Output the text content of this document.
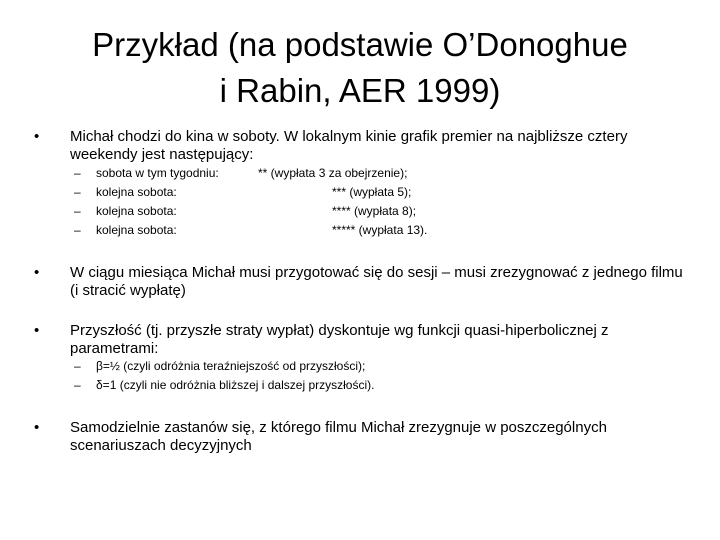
Przykład (na podstawie O’Donoghue
i Rabin, AER 1999)
•	Michał chodzi do kina w soboty. W lokalnym kinie grafik premier na najbliższe cztery weekendy jest następujący:
– sobota w tym tygodniu:	** (wypłata 3 za obejrzenie);
– kolejna sobota:	*** (wypłata 5);
– kolejna sobota:	**** (wypłata 8);
– kolejna sobota:	***** (wypłata 13).
•	W ciągu miesiąca Michał musi przygotować się do sesji – musi zrezygnować z jednego filmu (i stracić wypłatę)
•	Przyszłość (tj. przyszłe straty wypłat) dyskontuje wg funkcji quasi-hiperbolicznej z parametrami:
– β=½ (czyli odróżnia teraźniejszość od przyszłości);
– δ=1 (czyli nie odróżnia bliższej i dalszej przyszłości).
•	Samodzielnie zastanów się, z którego filmu Michał zrezygnuje w poszczególnych scenariuszach decyzyjnych
